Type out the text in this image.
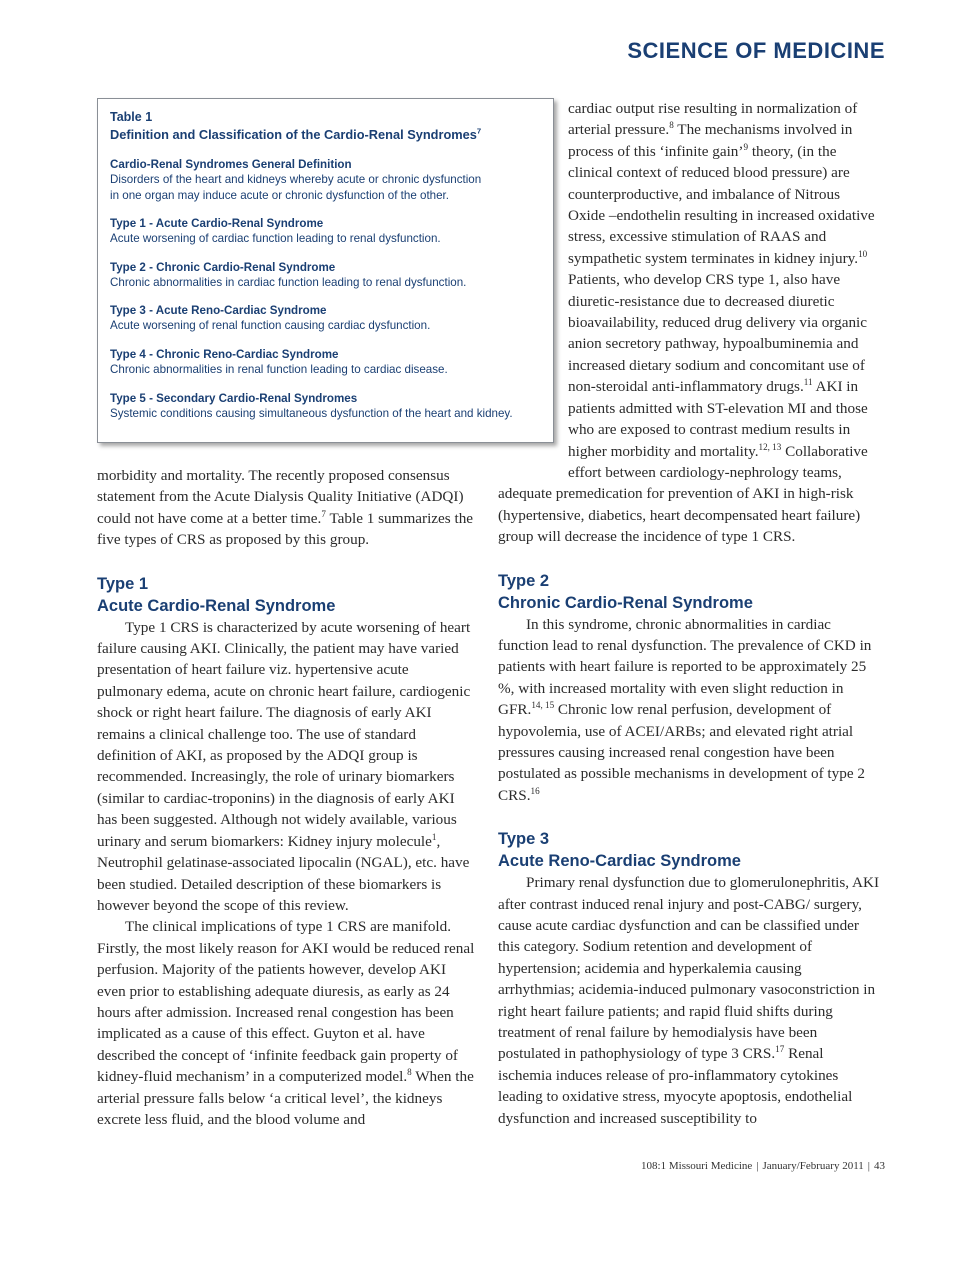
SCIENCE OF MEDICINE
Table 1
Definition and Classification of the Cardio-Renal Syndromes$^7$
Cardio-Renal Syndromes General Definition
Disorders of the heart and kidneys whereby acute or chronic dysfunction
in one organ may induce acute or chronic dysfunction of the other.
Type 1 - Acute Cardio-Renal Syndrome
Acute worsening of cardiac function leading to renal dysfunction.
Type 2 - Chronic Cardio-Renal Syndrome
Chronic abnormalities in cardiac function leading to renal dysfunction.
Type 3 - Acute Reno-Cardiac Syndrome
Acute worsening of renal function causing cardiac dysfunction.
Type 4 - Chronic Reno-Cardiac Syndrome
Chronic abnormalities in renal function leading to cardiac disease.
Type 5 - Secondary Cardio-Renal Syndromes
Systemic conditions causing simultaneous dysfunction of the heart and kidney.

morbidity and mortality. The recently proposed consensus statement from the Acute Dialysis Quality Initiative (ADQI) could not have come at a better time.$^7$ Table 1 summarizes the five types of CRS as proposed by this group.

Type 1
Acute Cardio-Renal Syndrome

Type 1 CRS is characterized by acute worsening of heart failure causing AKI. Clinically, the patient may have varied presentation of heart failure viz. hypertensive acute pulmonary edema, acute on chronic heart failure, cardiogenic shock or right heart failure. The diagnosis of early AKI remains a clinical challenge too. The use of standard definition of AKI, as proposed by the ADQI group is recommended. Increasingly, the role of urinary biomarkers (similar to cardiac-troponins) in the diagnosis of early AKI has been suggested. Although not widely available, various urinary and serum biomarkers: Kidney injury molecule$^1$, Neutrophil gelatinase-associated lipocalin (NGAL), etc. have been studied. Detailed description of these biomarkers is however beyond the scope of this review.

The clinical implications of type 1 CRS are manifold. Firstly, the most likely reason for AKI would be reduced renal perfusion. Majority of the patients however, develop AKI even prior to establishing adequate diuresis, as early as 24 hours after admission. Increased renal congestion has been implicated as a cause of this effect. Guyton et al. have described the concept of ‘infinite feedback gain property of kidney-fluid mechanism’ in a computerized model.$^8$ When the arterial pressure falls below ‘a critical level’, the kidneys excrete less fluid, and the blood volume and

cardiac output rise resulting in normalization of arterial pressure.$^8$ The mechanisms involved in process of this ‘infinite gain’$^9$ theory, (in the clinical context of reduced blood pressure) are counterproductive, and imbalance of Nitrous Oxide –endothelin resulting in increased oxidative stress, excessive stimulation of RAAS and sympathetic system terminates in kidney injury.$^{10}$ Patients, who develop CRS type 1, also have diuretic-resistance due to decreased diuretic bioavailability, reduced drug delivery via organic anion secretory pathway, hypoalbuminemia and increased dietary sodium and concomitant use of non-steroidal anti-inflammatory drugs.$^{11}$ AKI in patients admitted with ST-elevation MI and those who are exposed to contrast medium results in higher morbidity and mortality.$^{12, 13}$ Collaborative effort between cardiology-nephrology teams, adequate premedication for prevention of AKI in high-risk (hypertensive, diabetics, heart decompensated heart failure) group will decrease the incidence of type 1 CRS.

Type 2
Chronic Cardio-Renal Syndrome

In this syndrome, chronic abnormalities in cardiac function lead to renal dysfunction. The prevalence of CKD in patients with heart failure is reported to be approximately 25 %, with increased mortality with even slight reduction in GFR.$^{14, 15}$ Chronic low renal perfusion, development of hypovolemia, use of ACEI/ARBs; and elevated right atrial pressures causing increased renal congestion have been postulated as possible mechanisms in development of type 2 CRS.$^{16}$

Type 3
Acute Reno-Cardiac Syndrome

Primary renal dysfunction due to glomerulonephritis, AKI after contrast induced renal injury and post-CABG/ surgery, cause acute cardiac dysfunction and can be classified under this category. Sodium retention and development of hypertension; acidemia and hyperkalemia causing arrhythmias; acidemia-induced pulmonary vasoconstriction in right heart failure patients; and rapid fluid shifts during treatment of renal failure by hemodialysis have been postulated in pathophysiology of type 3 CRS.$^{17}$ Renal ischemia induces release of pro-inflammatory cytokines leading to oxidative stress, myocyte apoptosis, endothelial dysfunction and increased susceptibility to

108:1 Missouri Medicine | January/February 2011 | 43
